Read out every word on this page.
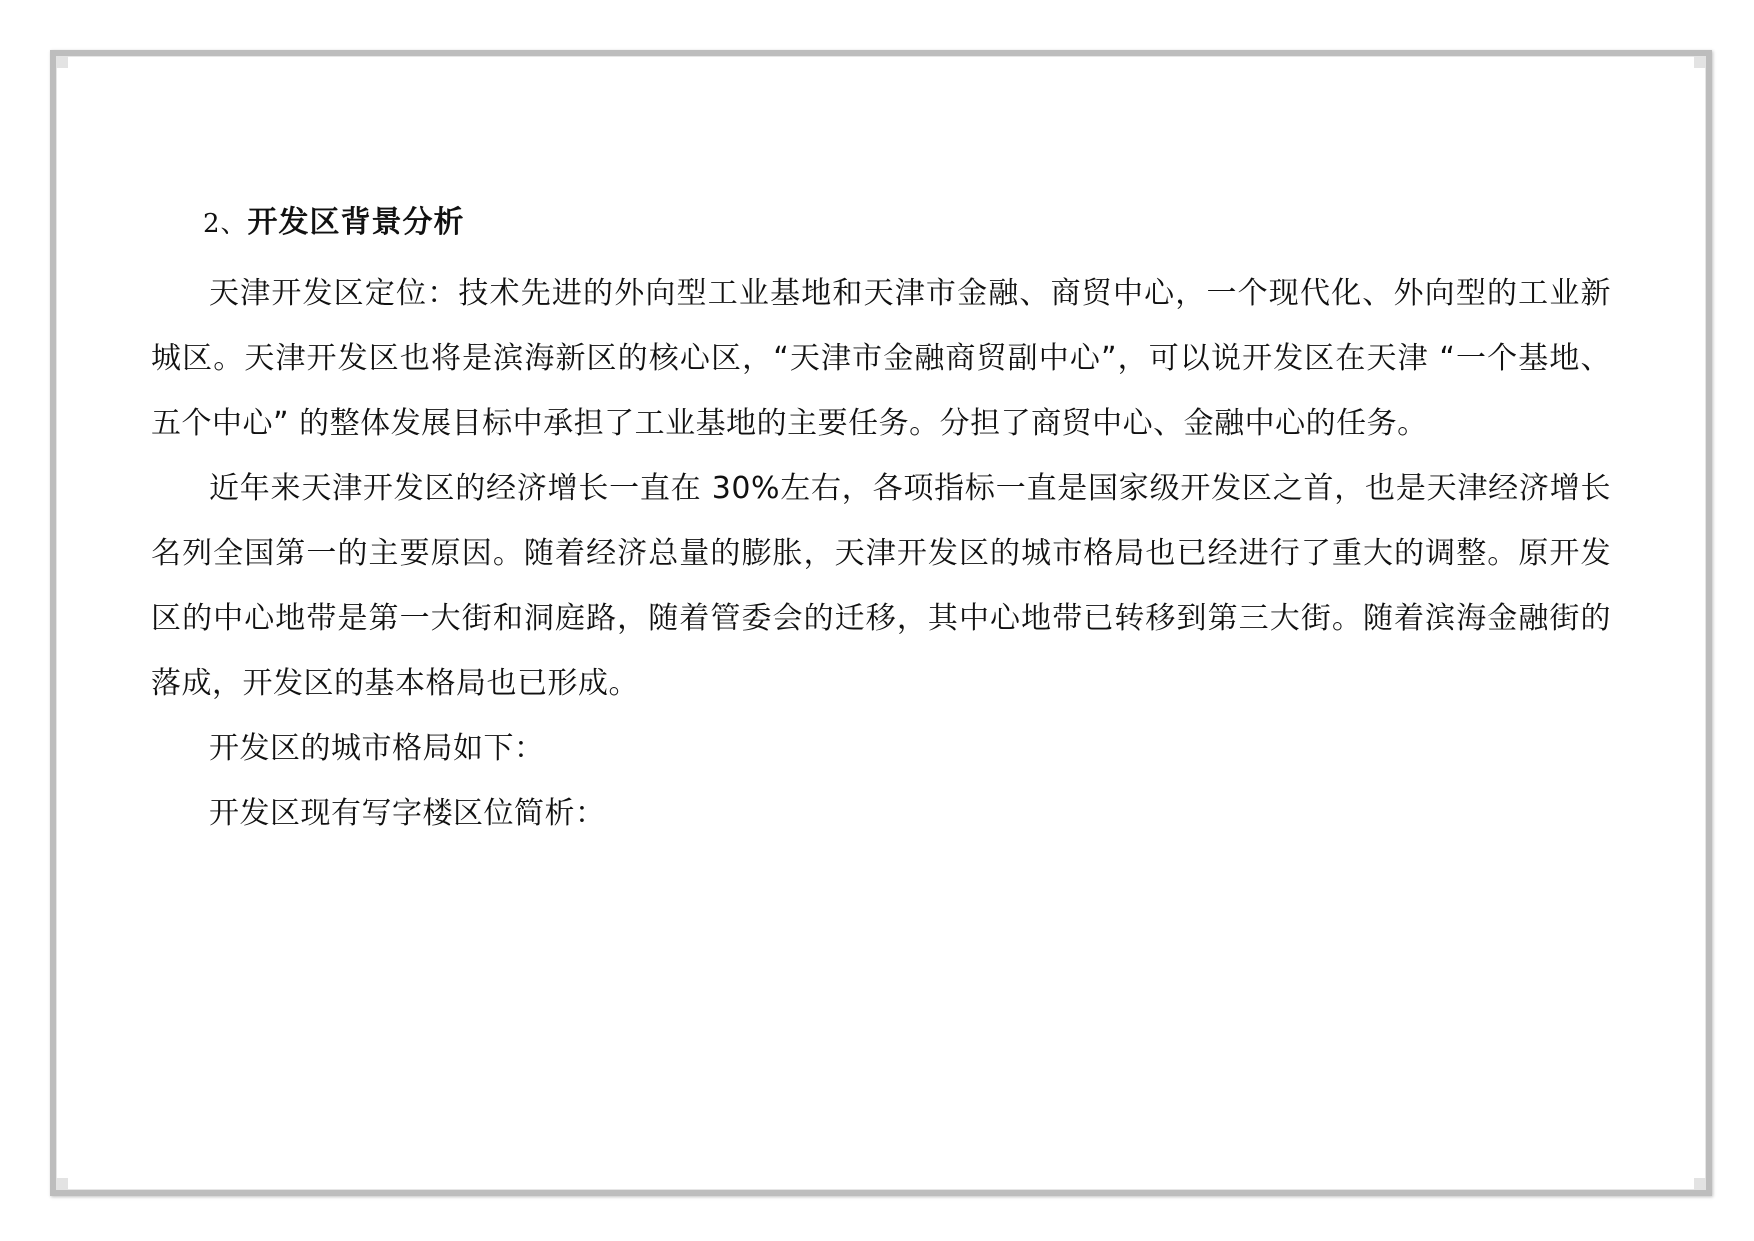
2、开发区背景分析

天津开发区定位：技术先进的外向型工业基地和天津市金融、商贸中心，一个现代化、外向型的工业新城区。天津开发区也将是滨海新区的核心区，“天津市金融商贸副中心”，可以说开发区在天津 “一个基地、五个中心” 的整体发展目标中承担了工业基地的主要任务。分担了商贸中心、金融中心的任务。

近年来天津开发区的经济增长一直在 30%左右，各项指标一直是国家级开发区之首，也是天津经济增长名列全国第一的主要原因。随着经济总量的膨胀，天津开发区的城市格局也已经进行了重大的调整。原开发区的中心地带是第一大街和洞庭路，随着管委会的迁移，其中心地带已转移到第三大街。随着滨海金融街的落成，开发区的基本格局也已形成。

开发区的城市格局如下：

开发区现有写字楼区位简析：
